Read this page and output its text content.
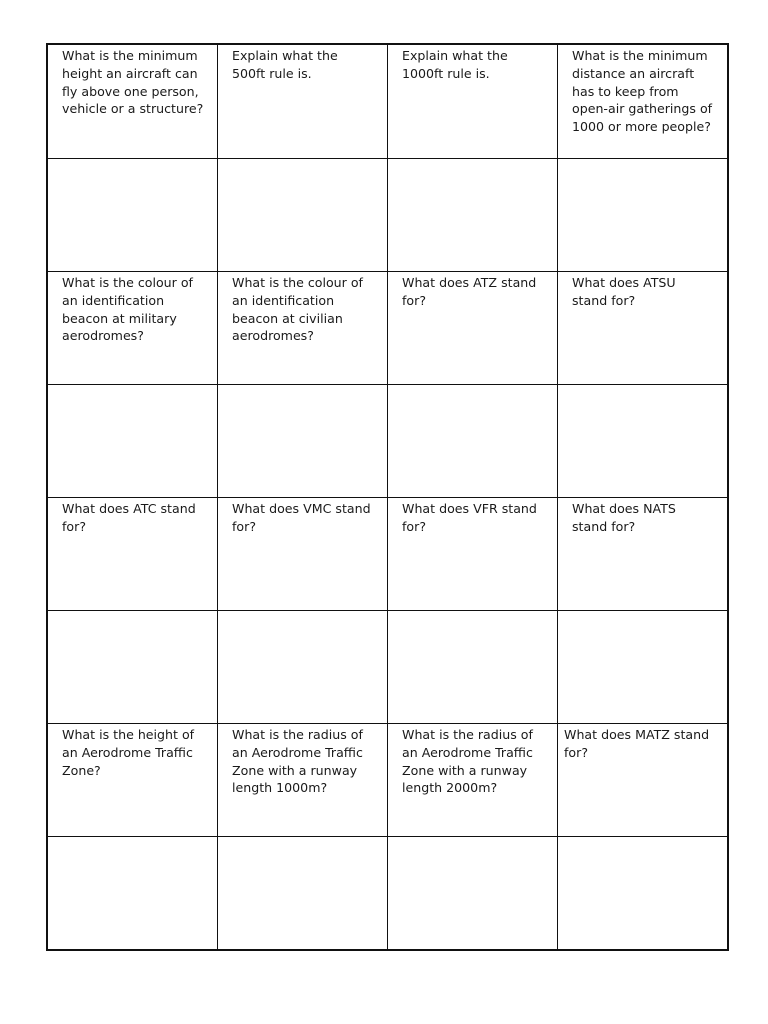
What is the minimum
height an aircraft can
fly above one person,
vehicle or a structure?
Explain what the
500ft rule is.
Explain what the
1000ft rule is.
What is the minimum
distance an aircraft
has to keep from
open-air gatherings of
1000 or more people?
What is the colour of
an identification
beacon at military
aerodromes?
What is the colour of
an identification
beacon at civilian
aerodromes?
What does ATZ stand
for?
What does ATSU
stand for?
What does ATC stand
for?
What does VMC stand
for?
What does VFR stand
for?
What does NATS
stand for?
What is the height of
an Aerodrome Traffic
Zone?
What is the radius of
an Aerodrome Traffic
Zone with a runway
length 1000m?
What is the radius of
an Aerodrome Traffic
Zone with a runway
length 2000m?
What does MATZ stand
for?
